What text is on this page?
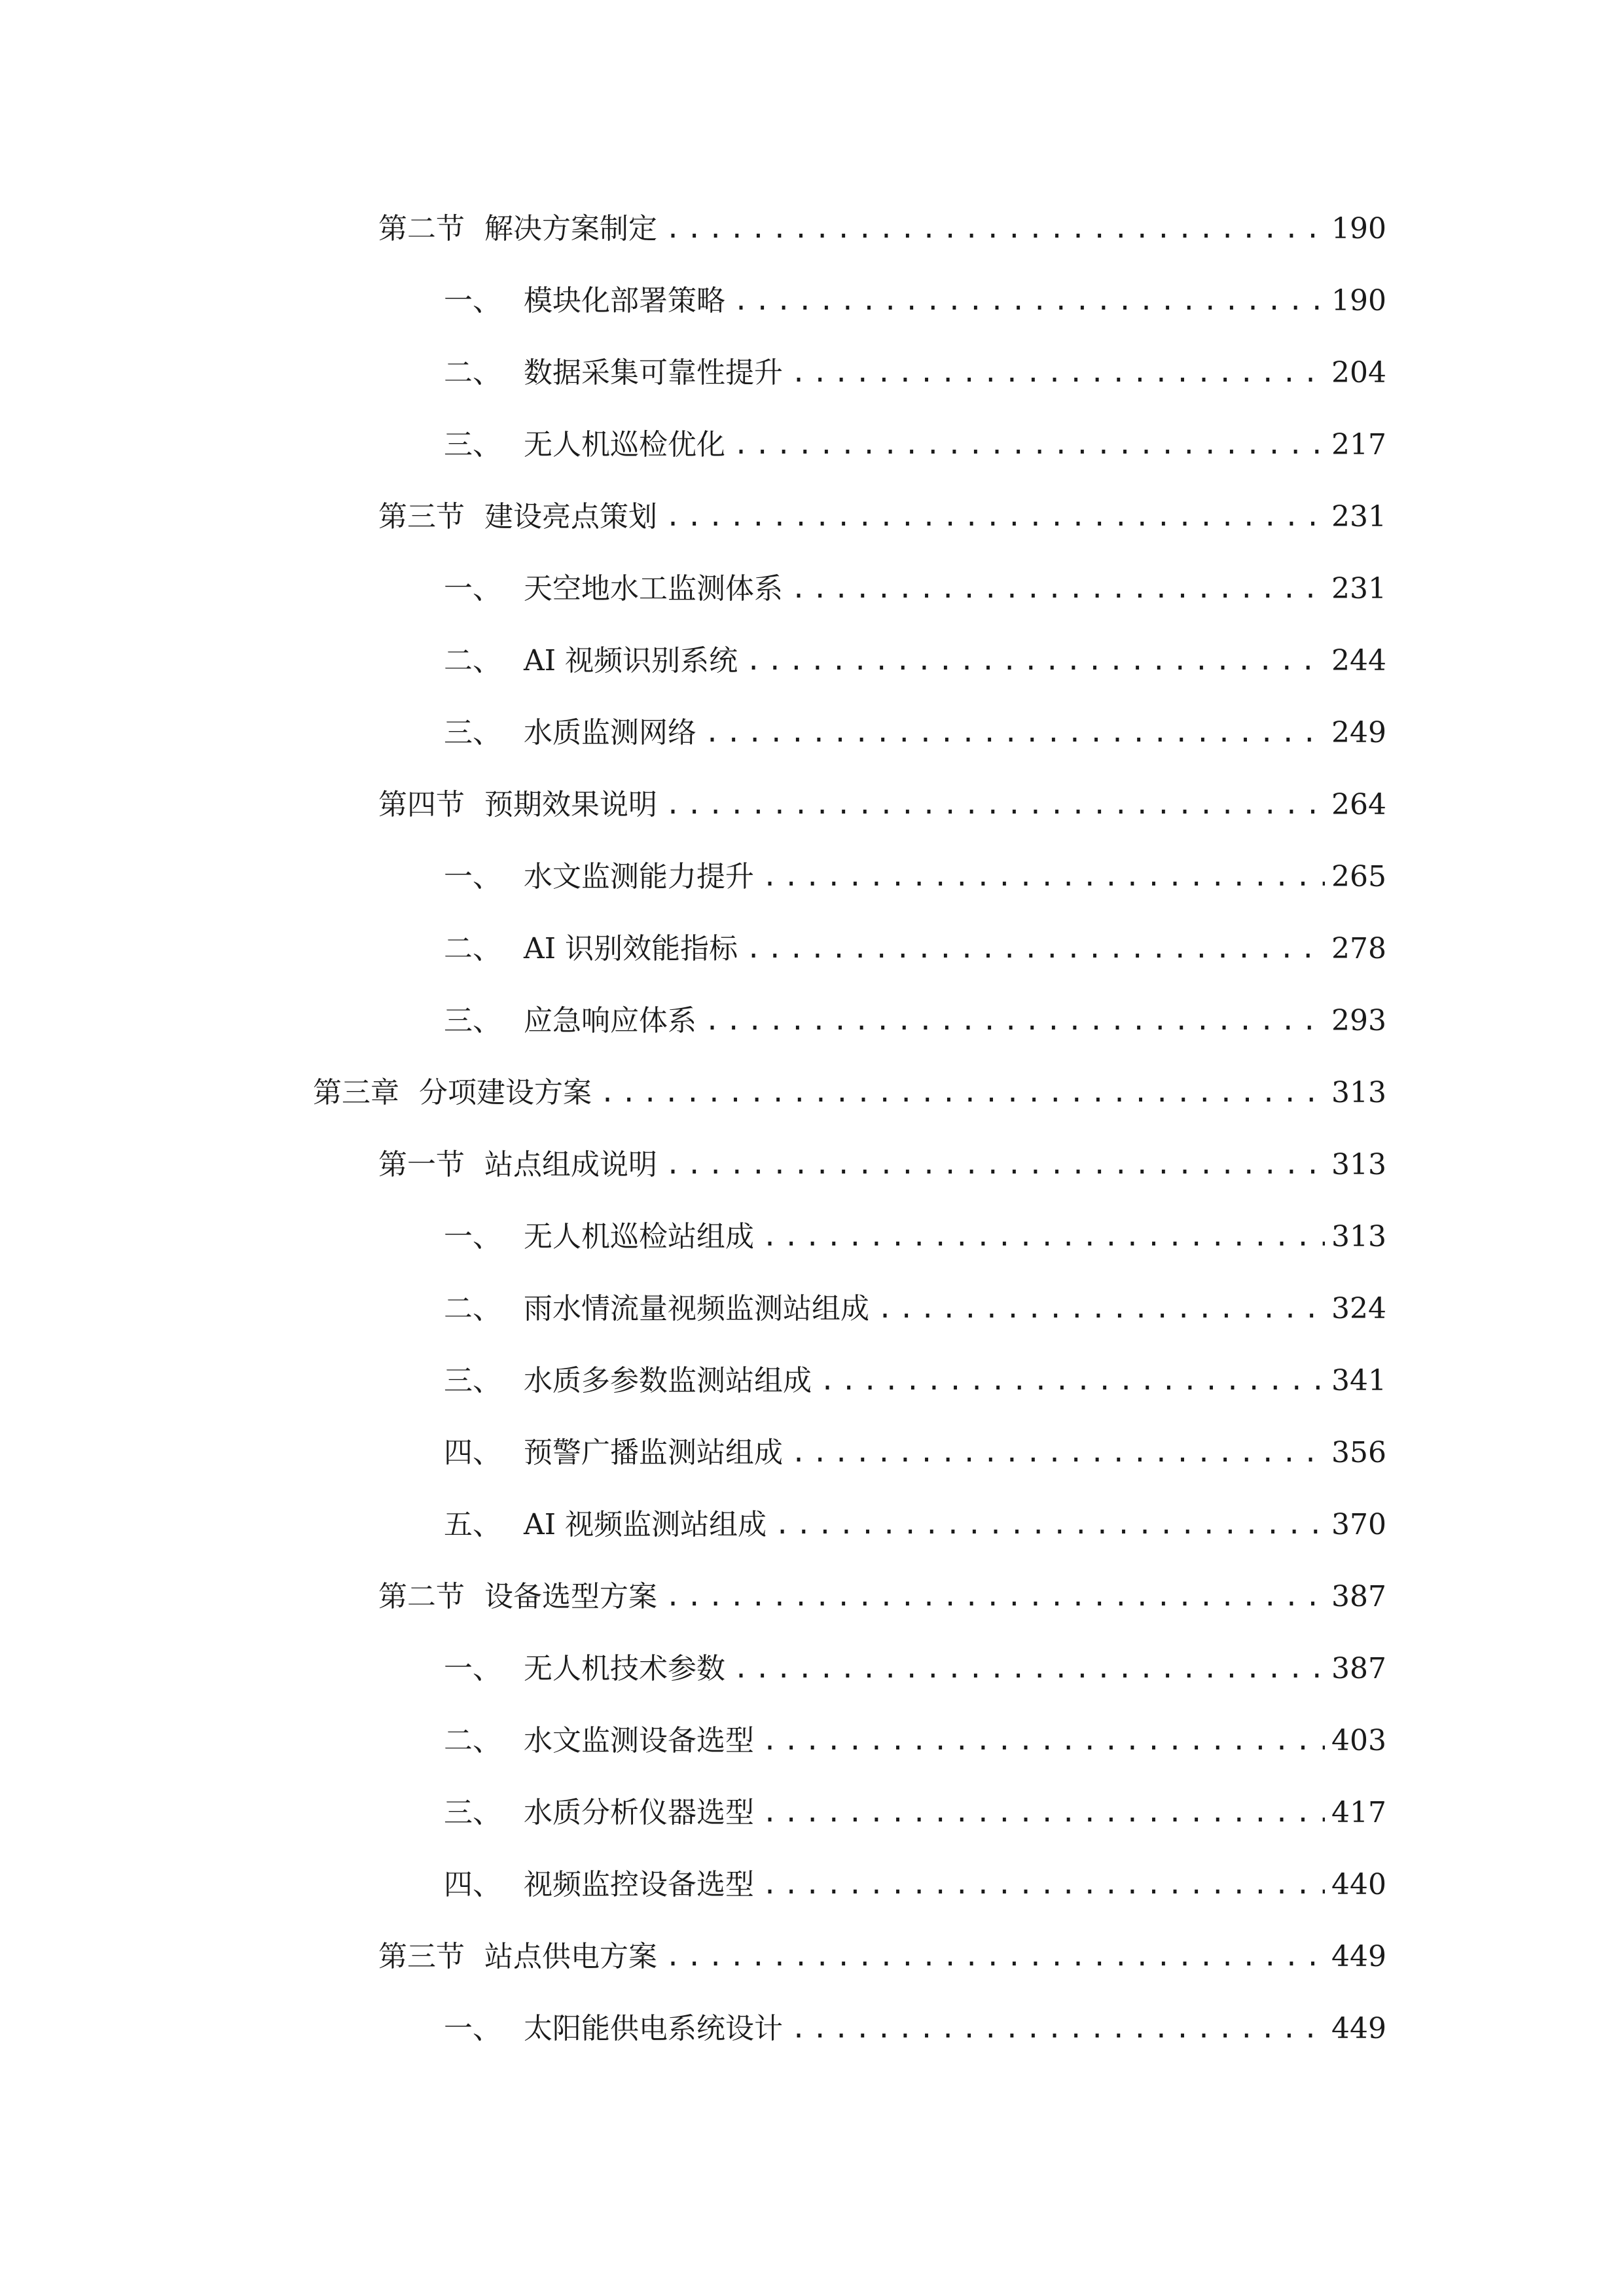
第二节 解决方案制定 .....	190
一、 模块化部署策略 .....	190
二、 数据采集可靠性提升 .....	204
三、 无人机巡检优化 .....	217
第三节 建设亮点策划 .....	231
一、 天空地水工监测体系 .....	231
二、 AI 视频识别系统 .....	244
三、 水质监测网络 .....	249
第四节 预期效果说明 .....	264
一、 水文监测能力提升 .....	265
二、 AI 识别效能指标 .....	278
三、 应急响应体系 .....	293
第三章 分项建设方案 .....	313
第一节 站点组成说明 .....	313
一、 无人机巡检站组成 .....	313
二、 雨水情流量视频监测站组成 .....	324
三、 水质多参数监测站组成 .....	341
四、 预警广播监测站组成 .....	356
五、 AI 视频监测站组成 .....	370
第二节 设备选型方案 .....	387
一、 无人机技术参数 .....	387
二、 水文监测设备选型 .....	403
三、 水质分析仪器选型 .....	417
四、 视频监控设备选型 .....	440
第三节 站点供电方案 .....	449
一、 太阳能供电系统设计 .....	449
